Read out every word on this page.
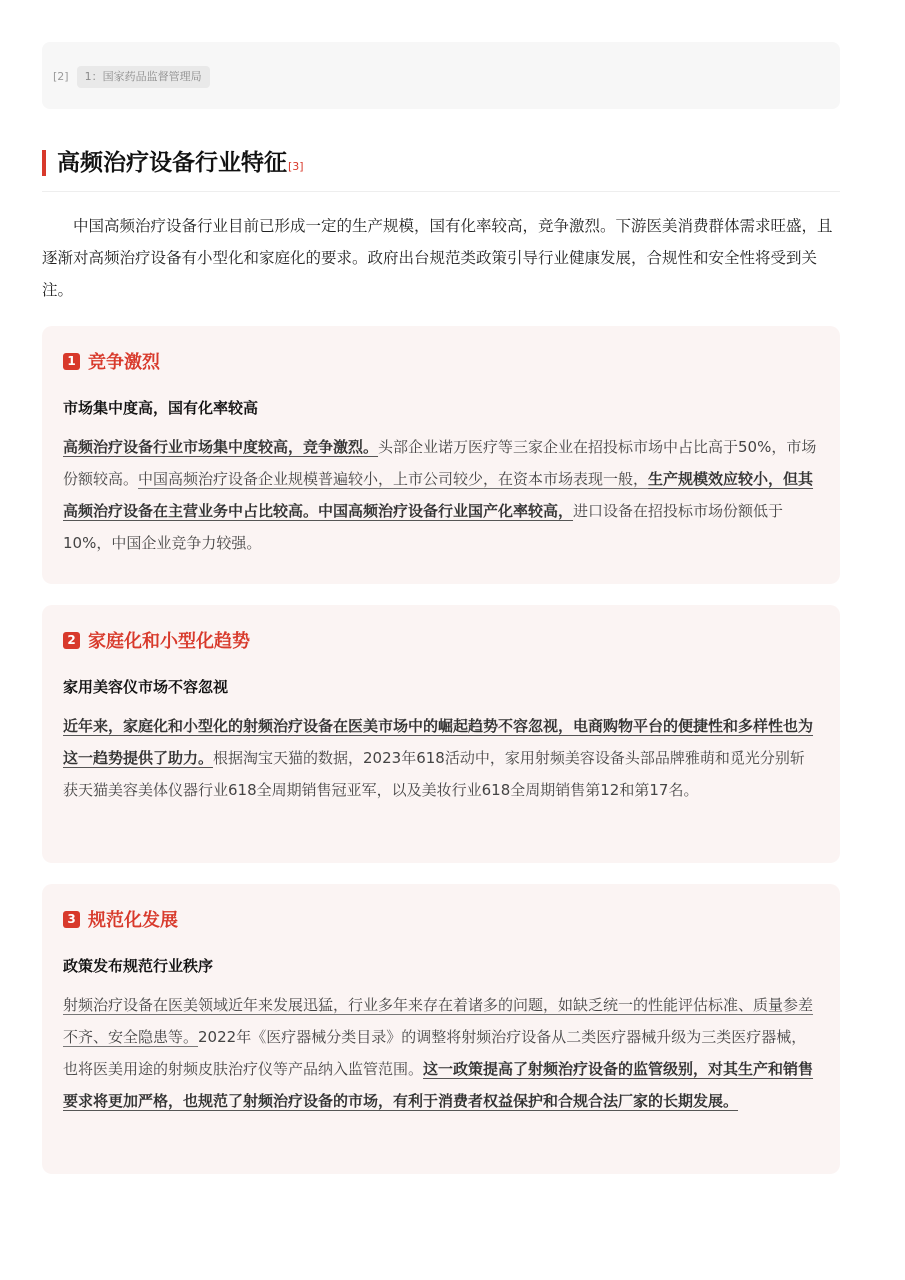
[2]	1：国家药品监督管理局
高频治疗设备行业特征[3]

中国高频治疗设备行业目前已形成一定的生产规模，国有化率较高，竞争激烈。下游医美消费群体需求旺盛，且逐渐对高频治疗设备有小型化和家庭化的要求。政府出台规范类政策引导行业健康发展，合规性和安全性将受到关注。

1 竞争激烈
市场集中度高，国有化率较高
高频治疗设备行业市场集中度较高，竞争激烈。头部企业诺万医疗等三家企业在招投标市场中占比高于50%，市场份额较高。中国高频治疗设备企业规模普遍较小，上市公司较少，在资本市场表现一般，生产规模效应较小，但其高频治疗设备在主营业务中占比较高。中国高频治疗设备行业国产化率较高，进口设备在招投标市场份额低于10%，中国企业竞争力较强。
2 家庭化和小型化趋势
家用美容仪市场不容忽视
近年来，家庭化和小型化的射频治疗设备在医美市场中的崛起趋势不容忽视，电商购物平台的便捷性和多样性也为这一趋势提供了助力。根据淘宝天猫的数据，2023年618活动中，家用射频美容设备头部品牌雅萌和觅光分别斩获天猫美容美体仪器行业618全周期销售冠亚军，以及美妆行业618全周期销售第12和第17名。
3 规范化发展
政策发布规范行业秩序
射频治疗设备在医美领域近年来发展迅猛，行业多年来存在着诸多的问题，如缺乏统一的性能评估标准、质量参差不齐、安全隐患等。2022年《医疗器械分类目录》的调整将射频治疗设备从二类医疗器械升级为三类医疗器械，也将医美用途的射频皮肤治疗仪等产品纳入监管范围。这一政策提高了射频治疗设备的监管级别，对其生产和销售要求将更加严格，也规范了射频治疗设备的市场，有利于消费者权益保护和合规合法厂家的长期发展。
